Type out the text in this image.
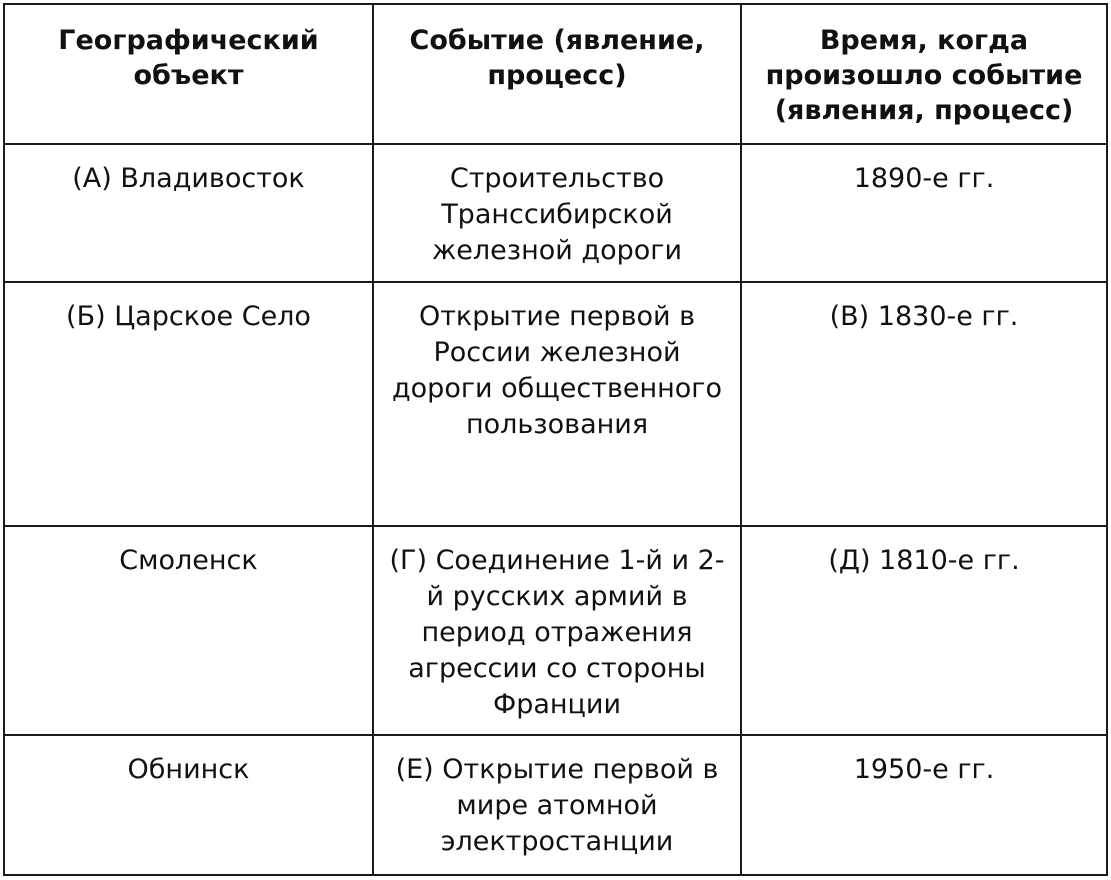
Географический объект	Событие (явление, процесс)	Время, когда произошло событие (явления, процесс)
(А) Владивосток	Строительство Транссибирской железной дороги	1890-е гг.
(Б) Царское Село	Открытие первой в России железной дороги общественного пользования	(В) 1830-е гг.
Смоленск	(Г) Соединение 1-й и 2-й русских армий в период отражения агрессии со стороны Франции	(Д) 1810-е гг.
Обнинск	(Е) Открытие первой в мире атомной электростанции	1950-е гг.
